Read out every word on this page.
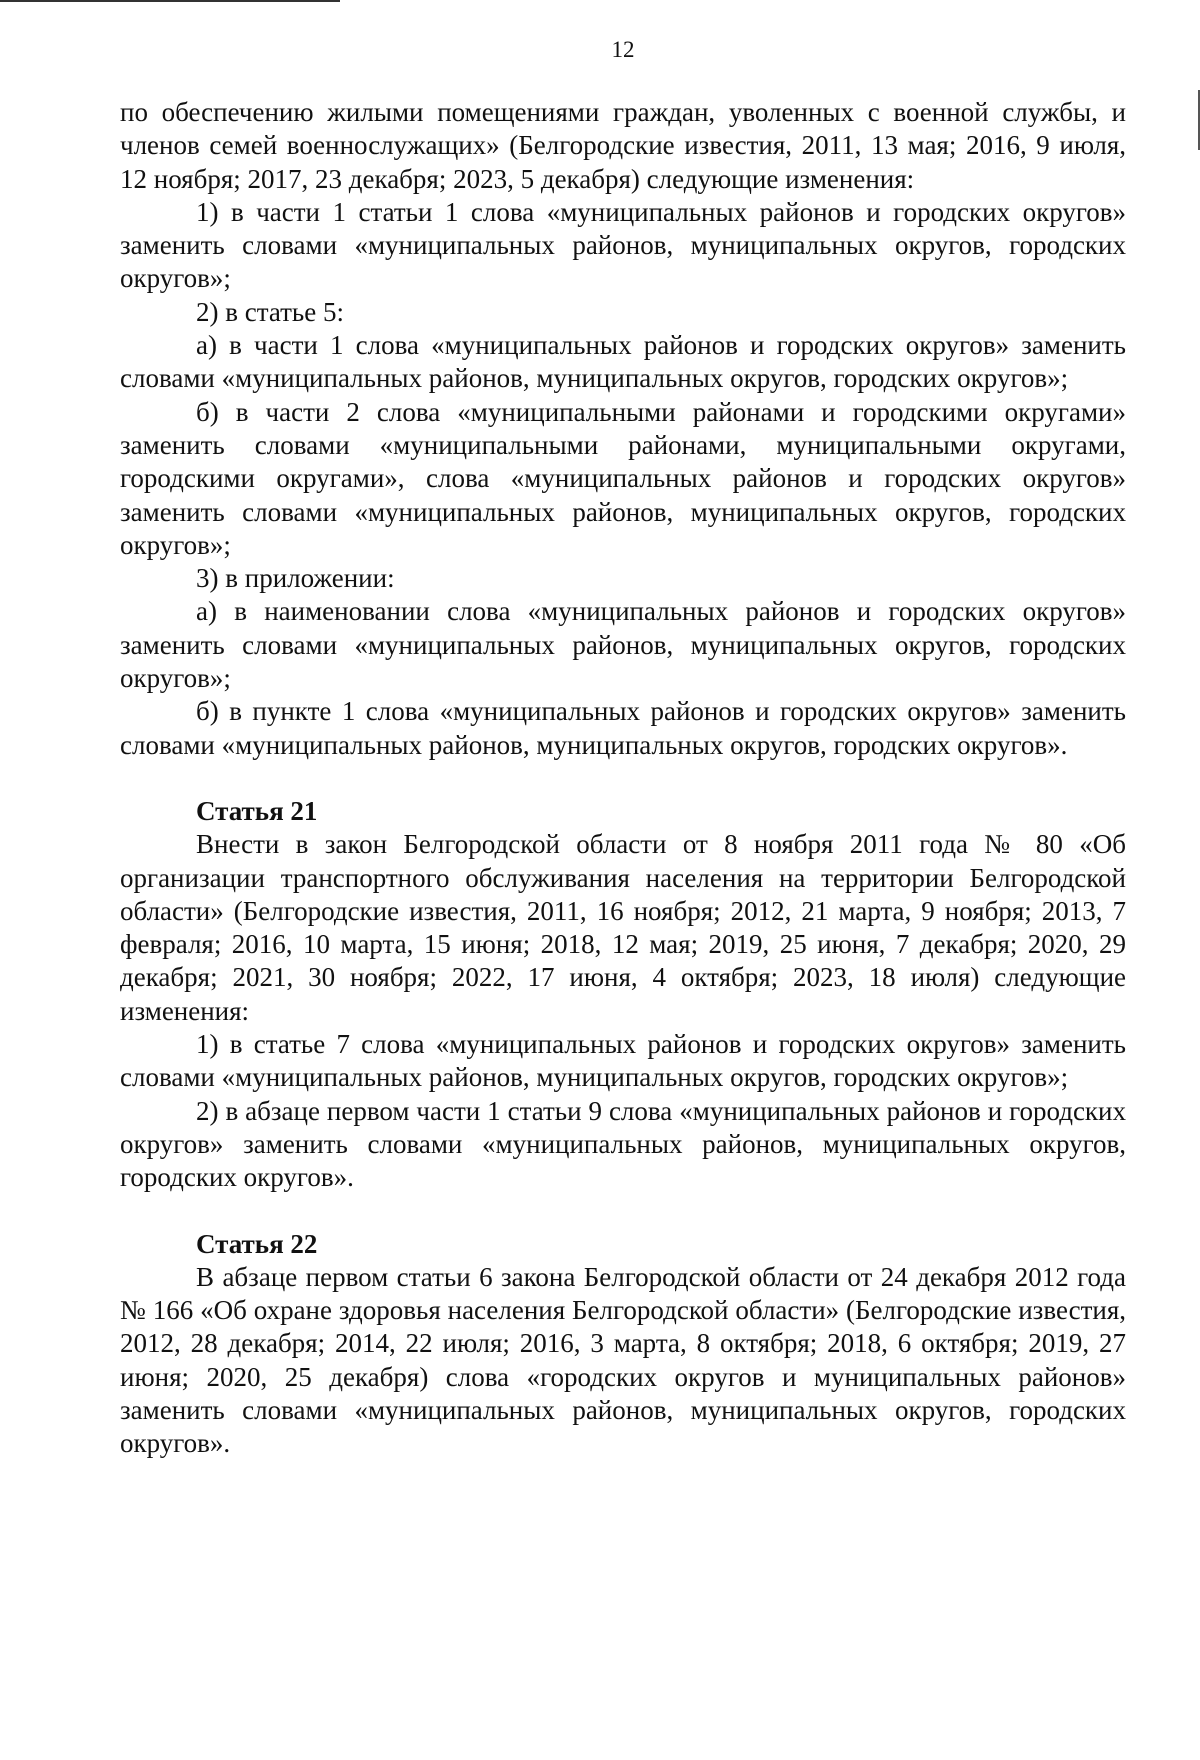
12

по обеспечению жилыми помещениями граждан, уволенных с военной службы, и членов семей военнослужащих» (Белгородские известия, 2011, 13 мая; 2016, 9 июля, 12 ноября; 2017, 23 декабря; 2023, 5 декабря) следующие изменения:

1) в части 1 статьи 1 слова «муниципальных районов и городских округов» заменить словами «муниципальных районов, муниципальных округов, городских округов»;

2) в статье 5:

а) в части 1 слова «муниципальных районов и городских округов» заменить словами «муниципальных районов, муниципальных округов, городских округов»;

б) в части 2 слова «муниципальными районами и городскими округами» заменить словами «муниципальными районами, муниципальными округами, городскими округами», слова «муниципальных районов и городских округов» заменить словами «муниципальных районов, муниципальных округов, городских округов»;

3) в приложении:

а) в наименовании слова «муниципальных районов и городских округов» заменить словами «муниципальных районов, муниципальных округов, городских округов»;

б) в пункте 1 слова «муниципальных районов и городских округов» заменить словами «муниципальных районов, муниципальных округов, городских округов».

Статья 21

Внести в закон Белгородской области от 8 ноября 2011 года № 80 «Об организации транспортного обслуживания населения на территории Белгородской области» (Белгородские известия, 2011, 16 ноября; 2012, 21 марта, 9 ноября; 2013, 7 февраля; 2016, 10 марта, 15 июня; 2018, 12 мая; 2019, 25 июня, 7 декабря; 2020, 29 декабря; 2021, 30 ноября; 2022, 17 июня, 4 октября; 2023, 18 июля) следующие изменения:

1) в статье 7 слова «муниципальных районов и городских округов» заменить словами «муниципальных районов, муниципальных округов, городских округов»;

2) в абзаце первом части 1 статьи 9 слова «муниципальных районов и городских округов» заменить словами «муниципальных районов, муниципальных округов, городских округов».

Статья 22

В абзаце первом статьи 6 закона Белгородской области от 24 декабря 2012 года № 166 «Об охране здоровья населения Белгородской области» (Белгородские известия, 2012, 28 декабря; 2014, 22 июля; 2016, 3 марта, 8 октября; 2018, 6 октября; 2019, 27 июня; 2020, 25 декабря) слова «городских округов и муниципальных районов» заменить словами «муниципальных районов, муниципальных округов, городских округов».
